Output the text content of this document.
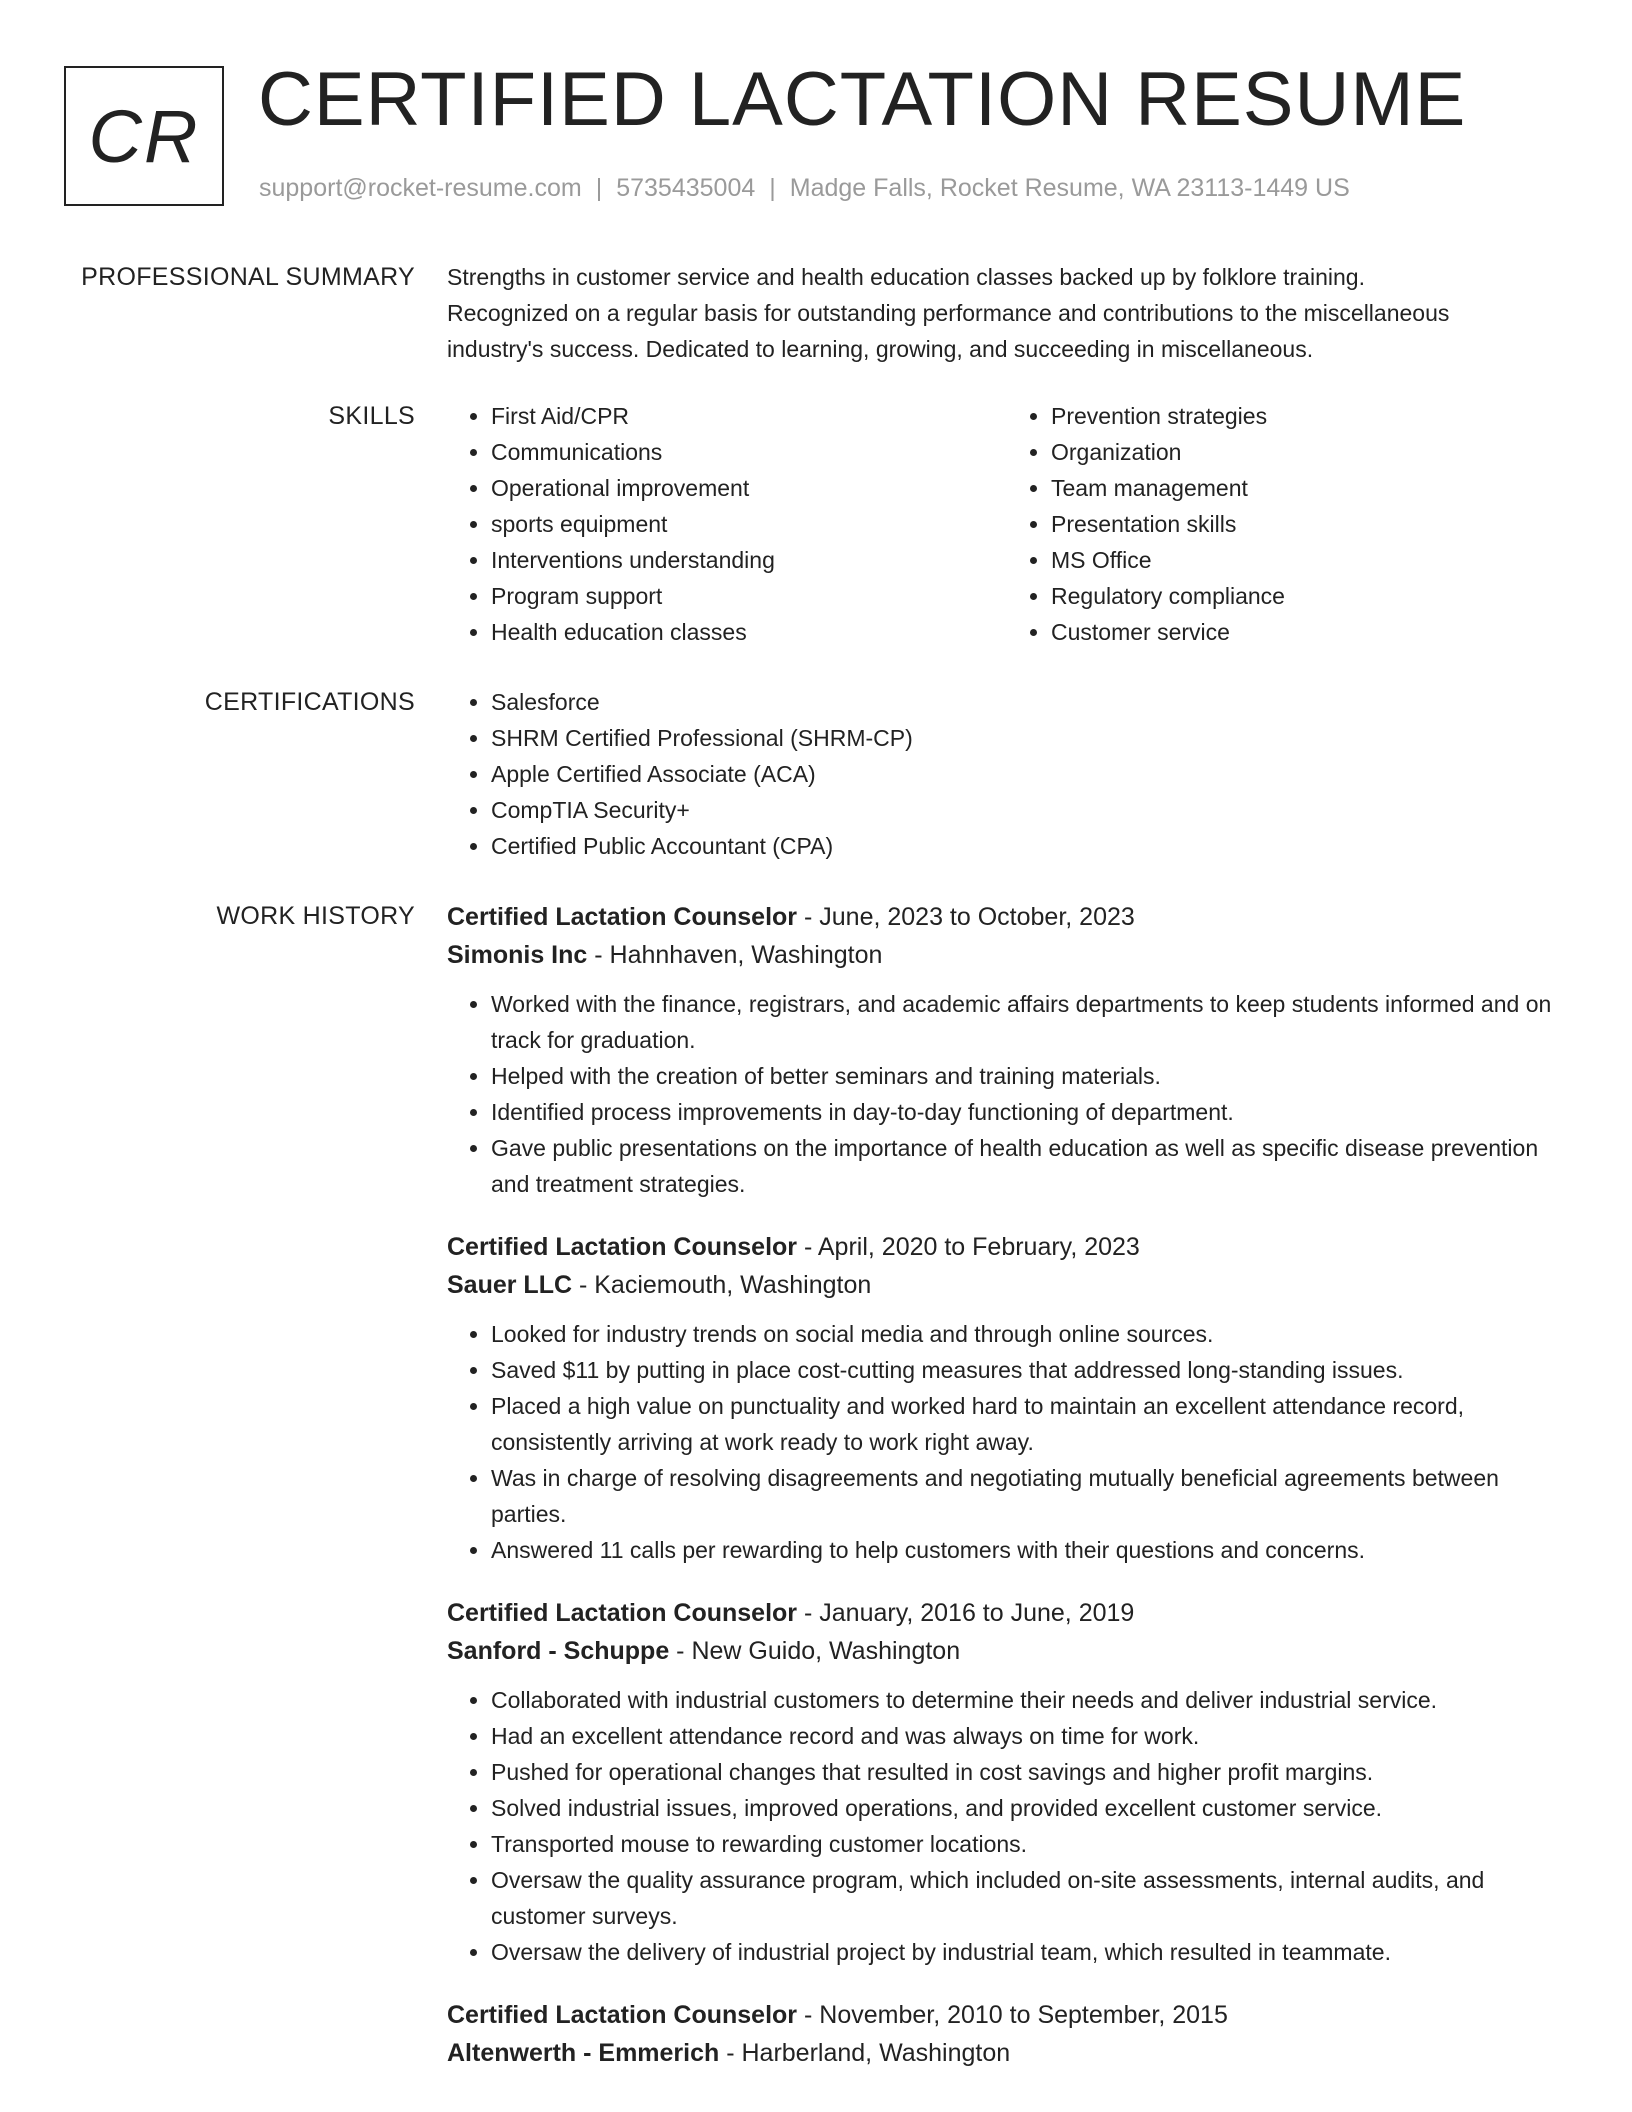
CR CERTIFIED LACTATION RESUME
support@rocket-resume.com | 5735435004 | Madge Falls, Rocket Resume, WA 23113-1449 US
PROFESSIONAL SUMMARY Strengths in customer service and health education classes backed up by folklore training.

Recognized on a regular basis for outstanding performance and contributions to the miscellaneous

industry's success. Dedicated to learning, growing, and succeeding in miscellaneous.

SKILLS	• First Aid/CPR
• Communications
• Operational improvement
• sports equipment
• Interventions understanding
• Program support
• Health education classes
• Prevention strategies
• Organization
• Team management
• Presentation skills
• MS Office
• Regulatory compliance
• Customer service
CERTIFICATIONS	• Salesforce
• SHRM Certified Professional (SHRM-CP)
• Apple Certified Associate (ACA)
• CompTIA Security+
• Certified Public Accountant (CPA)
WORK HISTORY Certified Lactation Counselor - June, 2023 to October, 2023
Simonis Inc - Hahnhaven, Washington
• Worked with the finance, registrars, and academic affairs departments to keep students informed and on track for graduation.
• Helped with the creation of better seminars and training materials.
• Identified process improvements in day-to-day functioning of department.
• Gave public presentations on the importance of health education as well as specific disease prevention and treatment strategies.
Certified Lactation Counselor - April, 2020 to February, 2023
Sauer LLC - Kaciemouth, Washington
• Looked for industry trends on social media and through online sources.
• Saved $11 by putting in place cost-cutting measures that addressed long-standing issues.
• Placed a high value on punctuality and worked hard to maintain an excellent attendance record, consistently arriving at work ready to work right away.
• Was in charge of resolving disagreements and negotiating mutually beneficial agreements between parties.
• Answered 11 calls per rewarding to help customers with their questions and concerns.
Certified Lactation Counselor - January, 2016 to June, 2019
Sanford - Schuppe - New Guido, Washington
• Collaborated with industrial customers to determine their needs and deliver industrial service.
• Had an excellent attendance record and was always on time for work.
• Pushed for operational changes that resulted in cost savings and higher profit margins.
• Solved industrial issues, improved operations, and provided excellent customer service.
• Transported mouse to rewarding customer locations.
• Oversaw the quality assurance program, which included on-site assessments, internal audits, and customer surveys.
• Oversaw the delivery of industrial project by industrial team, which resulted in teammate.
Certified Lactation Counselor - November, 2010 to September, 2015
Altenwerth - Emmerich - Harberland, Washington
